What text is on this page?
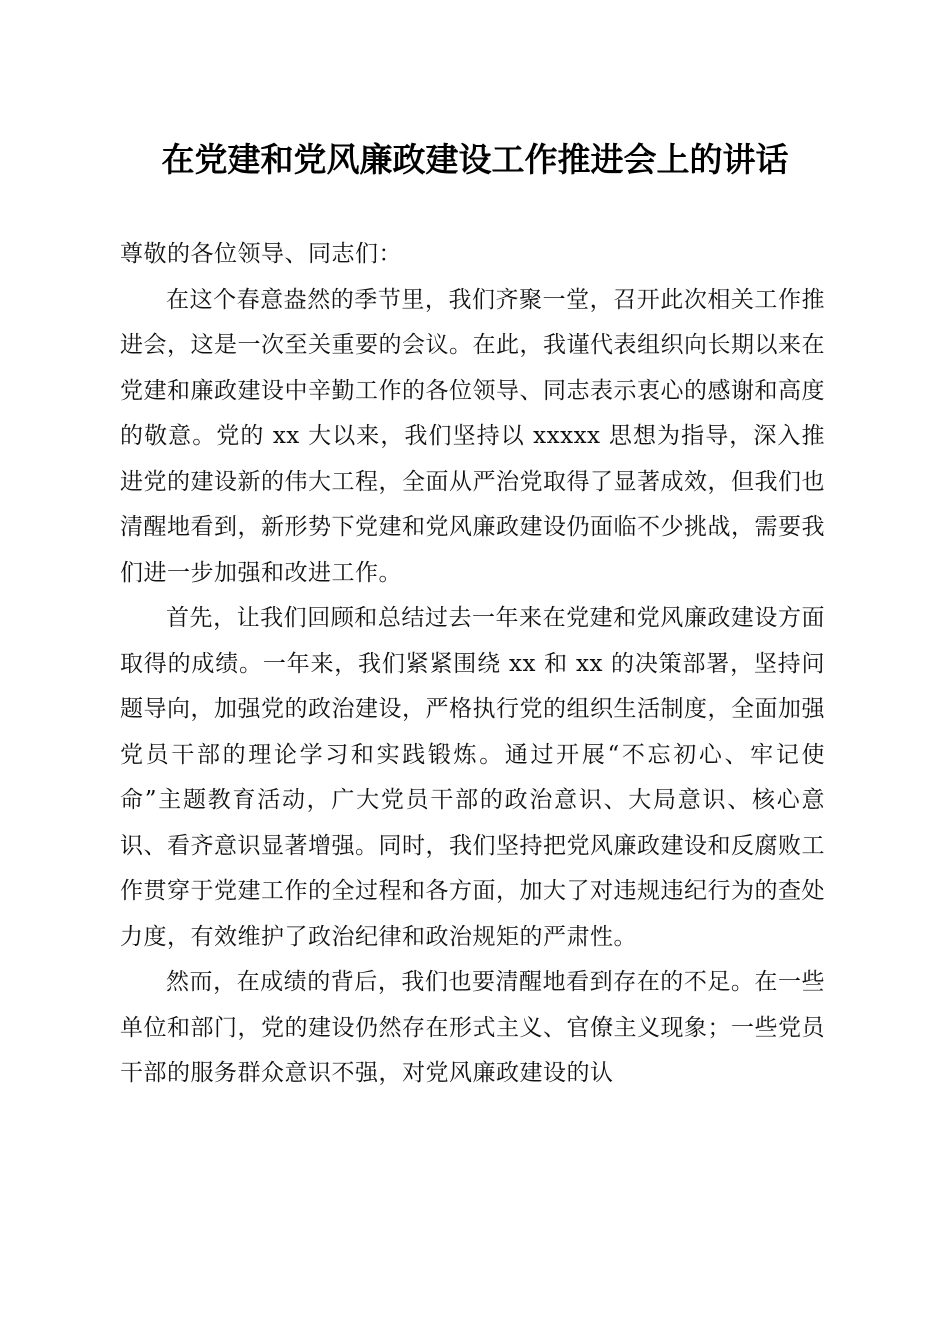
在党建和党风廉政建设工作推进会上的讲话

尊敬的各位领导、同志们：

在这个春意盎然的季节里，我们齐聚一堂，召开此次相关工作推进会，这是一次至关重要的会议。在此，我谨代表组织向长期以来在党建和廉政建设中辛勤工作的各位领导、同志表示衷心的感谢和高度的敬意。党的 xx 大以来，我们坚持以 xxxxx 思想为指导，深入推进党的建设新的伟大工程，全面从严治党取得了显著成效，但我们也清醒地看到，新形势下党建和党风廉政建设仍面临不少挑战，需要我们进一步加强和改进工作。

首先，让我们回顾和总结过去一年来在党建和党风廉政建设方面取得的成绩。一年来，我们紧紧围绕 xx 和 xx 的决策部署，坚持问题导向，加强党的政治建设，严格执行党的组织生活制度，全面加强党员干部的理论学习和实践锻炼。通过开展“不忘初心、牢记使命”主题教育活动，广大党员干部的政治意识、大局意识、核心意识、看齐意识显著增强。同时，我们坚持把党风廉政建设和反腐败工作贯穿于党建工作的全过程和各方面，加大了对违规违纪行为的查处力度，有效维护了政治纪律和政治规矩的严肃性。

然而，在成绩的背后，我们也要清醒地看到存在的不足。在一些单位和部门，党的建设仍然存在形式主义、官僚主义现象；一些党员干部的服务群众意识不强，对党风廉政建设的认
